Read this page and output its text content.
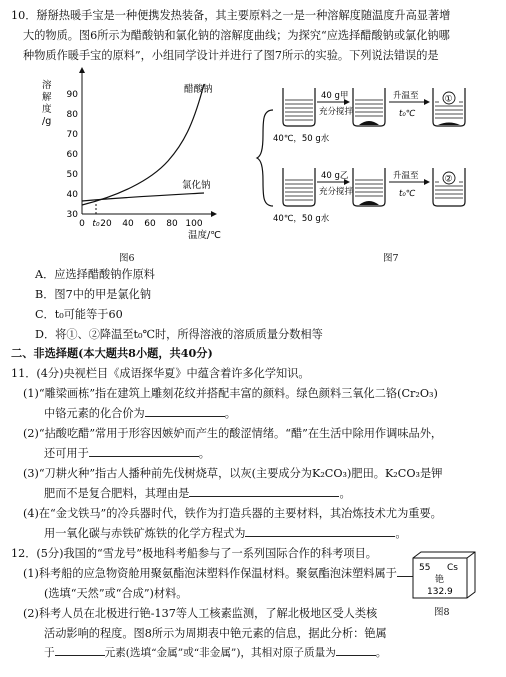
10．掰掰热暖手宝是一种便携发热装备，其主要原料之一是一种溶解度随温度升高显著增
大的物质。图6所示为醋酸钠和氯化钠的溶解度曲线；为探究“应选择醋酸钠或氯化钠哪
种物质作暖手宝的原料”，小组同学设计并进行了图7所示的实验。下列说法错误的是
溶
解
度
/g
30
40
50
60
70
80
90
0 t₀ 20 40 60 80 100
醋酸钠
氯化钠
温度/℃
图6
40 g甲
充分搅拌
升温至
t₀℃
①
40℃，50 g水
40 g乙
充分搅拌
升温至
t₀℃
②
40℃，50 g水
图7
A．应选择醋酸钠作原料
B．图7中的甲是氯化钠
C．t₀可能等于60
D．将①、②降温至t₀℃时，所得溶液的溶质质量分数相等
二、非选择题(本大题共8小题，共40分)
11．(4分)央视栏目《成语探华夏》中蕴含着许多化学知识。
(1)“雕梁画栋”指在建筑上雕刻花纹并搭配丰富的颜料。绿色颜料三氧化二铬(Cr₂O₃)
中铬元素的化合价为	。
(2)“拈酸吃醋”常用于形容因嫉妒而产生的酸涩情绪。“醋”在生活中除用作调味品外，
还可用于	。
(3)“刀耕火种”指古人播种前先伐树烧草，以灰(主要成分为K₂CO₃)肥田。K₂CO₃是钾
肥而不是复合肥料，其理由是	。
(4)在“金戈铁马”的冷兵器时代，铁作为打造兵器的主要材料，其冶炼技术尤为重要。
用一氧化碳与赤铁矿炼铁的化学方程式为	。
12．(5分)我国的“雪龙号”极地科考船参与了一系列国际合作的科考项目。
(1)科考船的应急物资舱用聚氨酯泡沫塑料作保温材料。聚氨酯泡沫塑料属于
(选填“天然”或“合成”)材料。
(2)科考人员在北极进行铯-137等人工核素监测，了解北极地区受人类核
活动影响的程度。图8所示为周期表中铯元素的信息，据此分析：铯属
于	元素(选填“金属”或“非金属”)，其相对原子质量为	。
55 Cs
铯
132.9
图8
